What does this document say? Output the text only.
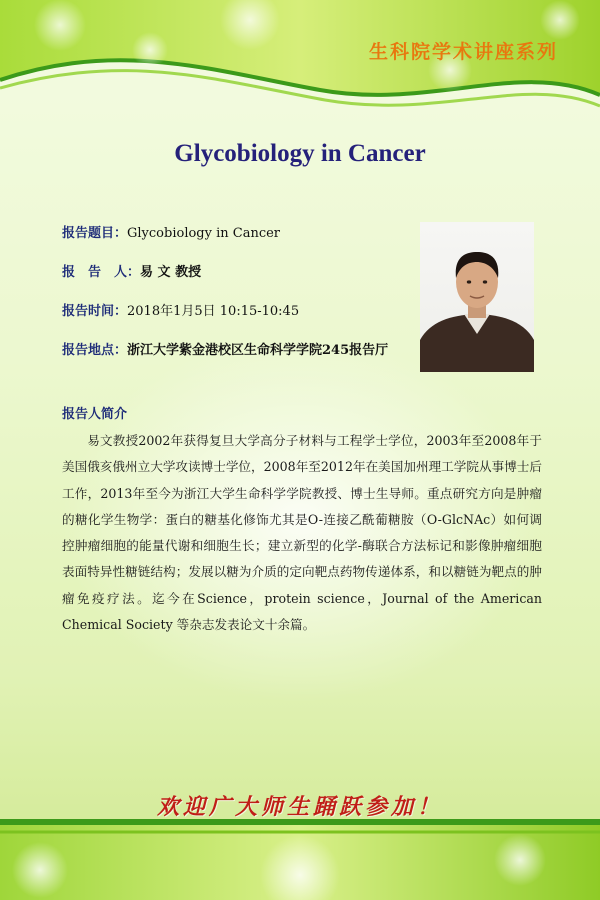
生科院学术讲座系列
Glycobiology in Cancer
报告题目：Glycobiology in Cancer
报　告　人：易 文 教授
报告时间：2018年1月5日 10:15-10:45
报告地点：浙江大学紫金港校区生命科学学院245报告厅
报告人简介

易文教授2002年获得复旦大学高分子材料与工程学士学位，2003年至2008年于美国俄亥俄州立大学攻读博士学位，2008年至2012年在美国加州理工学院从事博士后工作，2013年至今为浙江大学生命科学学院教授、博士生导师。重点研究方向是肿瘤的糖化学生物学：蛋白的糖基化修饰尤其是O-连接乙酰葡糖胺（O-GlcNAc）如何调控肿瘤细胞的能量代谢和细胞生长；建立新型的化学-酶联合方法标记和影像肿瘤细胞表面特异性糖链结构；发展以糖为介质的定向靶点药物传递体系，和以糖链为靶点的肿瘤免疫疗法。迄今在Science，protein science，Journal of the American Chemical Society 等杂志发表论文十余篇。

欢迎广大师生踊跃参加！
